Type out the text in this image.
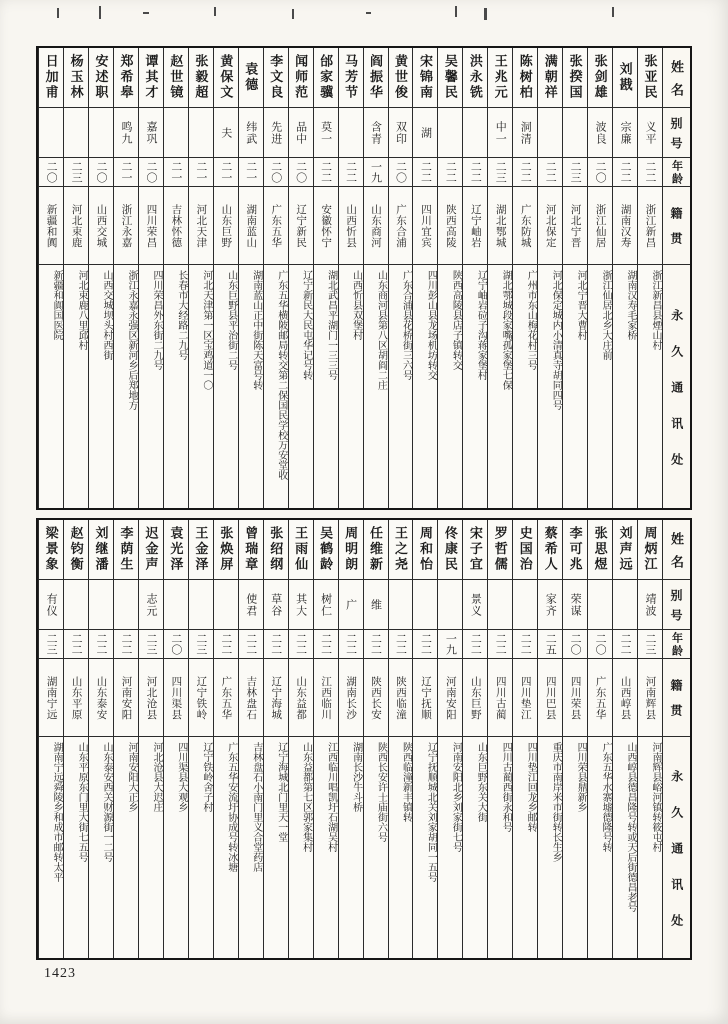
姓名
别号
年龄
籍贯
永久通讯处
张亚民
义平
二二
浙江新昌
浙江新昌县煙山村
刘戡
宗廉
二二
湖南汉寿
湖南汉寿毛家桥
张剑雄
波良
二〇
浙江仙居
浙江仙居北乡大庄前
张揆国
二三
河北宁晋
河北宁晋大曹村
满朝祥
二二
河北保定
河北保定城内小清真寺胡同四号
陈树柏
洞清
二二
广东防城
广州市东山梅花村三号
王兆元
中一
二三
湖北鄂城
湖北鄂城段家嘴孤家堡七保
洪永铣
二二
辽宁岫岩
辽宁岫岩砬子沟蒋家堡村
吴馨民
二二
陕西高陵
陕西高陵县店子镇转交
宋锦南
湖
二二
四川宜宾
四川彭山县龙场机坊转交
黄世俊
双印
二〇
广东合浦
广东合浦县花桥街三六号
阎振华
含青
一九
山东商河
山东商河县第八区胡阎二庄
马芳节
二二
山西忻县
山西忻县双堡村
邰家骥
莫一
二二
安徽怀宁
湖北武昌平湖门一三三号
闻师范
品中
二〇
辽宁新民
辽宁新民大民屯华记号转
李文良
先进
二〇
广东五华
广东五华横陂邮局转交第二保国民学校万安堂收
袁德
纬武
二一
湖南蓝山
湖南蓝山正中街陈天富号转
黄保文
夫
二一
山东巨野
山东巨野县平治街二号
张毅超
二一
河北天津
河北天津第一区宝鸡道一〇
赵世镜
二一
吉林怀德
长春市大经路二九号
谭其才
嘉巩
二〇
四川荣昌
四川荣昌外东街二九号
郑希皋
鸣九
二一
浙江永嘉
浙江永嘉永强区新河乡后郑地方
安述职
二〇
山西交城
山西交城坝头村西街
杨玉林
二三
河北束鹿
河北束鹿八里邱村
日加甫
二〇
新疆和阗
新疆和阗国医院
姓名
别号
年龄
籍贯
永久通讯处
周炳江
靖波
二三
河南辉县
河南辉县峪河镇转筱屯村
刘声远
二二
山西崞县
山西崞县德昌隆号转或天后街德昌老号
张思煜
二〇
广东五华
广东五华水寨墟德隆号转
李可兆
荣谋
二〇
四川荣县
四川荣县鼎新乡
蔡希人
家齐
二五
四川巴县
重庆市南岸米市街转长生乡
史国治
二二
四川垫江
四川垫江回龙乡邮转
罗哲儒
二二
四川古蔺
四川古蔺西街永和号
宋子宜
景义
二二
山东巨野
山东巨野东关大街
佟康民
一九
河南安阳
河南安阳北乡刘家街七号
周和怡
二二
辽宁抚顺
辽宁抚顺城北关刘家胡同一五号
王之尧
二二
陕西临潼
陕西临潼新丰镇转
任维新
维
二二
陕西长安
陕西长安许士庙街六号
周明朗
广
二二
湖南长沙
湖南长沙牛斗桥
吴鹤龄
树仁
二二
江西临川
江西临川唱凯圩石湖吴村
王雨仙
其大
二二
山东益都
山东益都第七区郭家集村
张绍纲
草谷
二二
辽宁海城
辽宁海城北门里天一堂
曾瑞章
使君
二二
吉林盘石
吉林盘石小南门里义合堂药店
张焕屏
二二
广东五华
广东五华安流圩协成号转冰塘
王金泽
二三
辽宁铁岭
辽宁铁岭舍子村
袁光泽
二〇
四川渠县
四川渠县大观乡
迟金声
志元
二三
河北沧县
河北沧县大迟庄
李荫生
二二
河南安阳
河南安阳大正乡
刘继潘
二二
山东泰安
山东泰安西关财源街一二号
赵钧衡
二二
山东平原
山东平原东门里大街七五号
梁景象
有仪
二三
湖南宁远
湖南宁远舜陵乡和成市邮转太平
1423
